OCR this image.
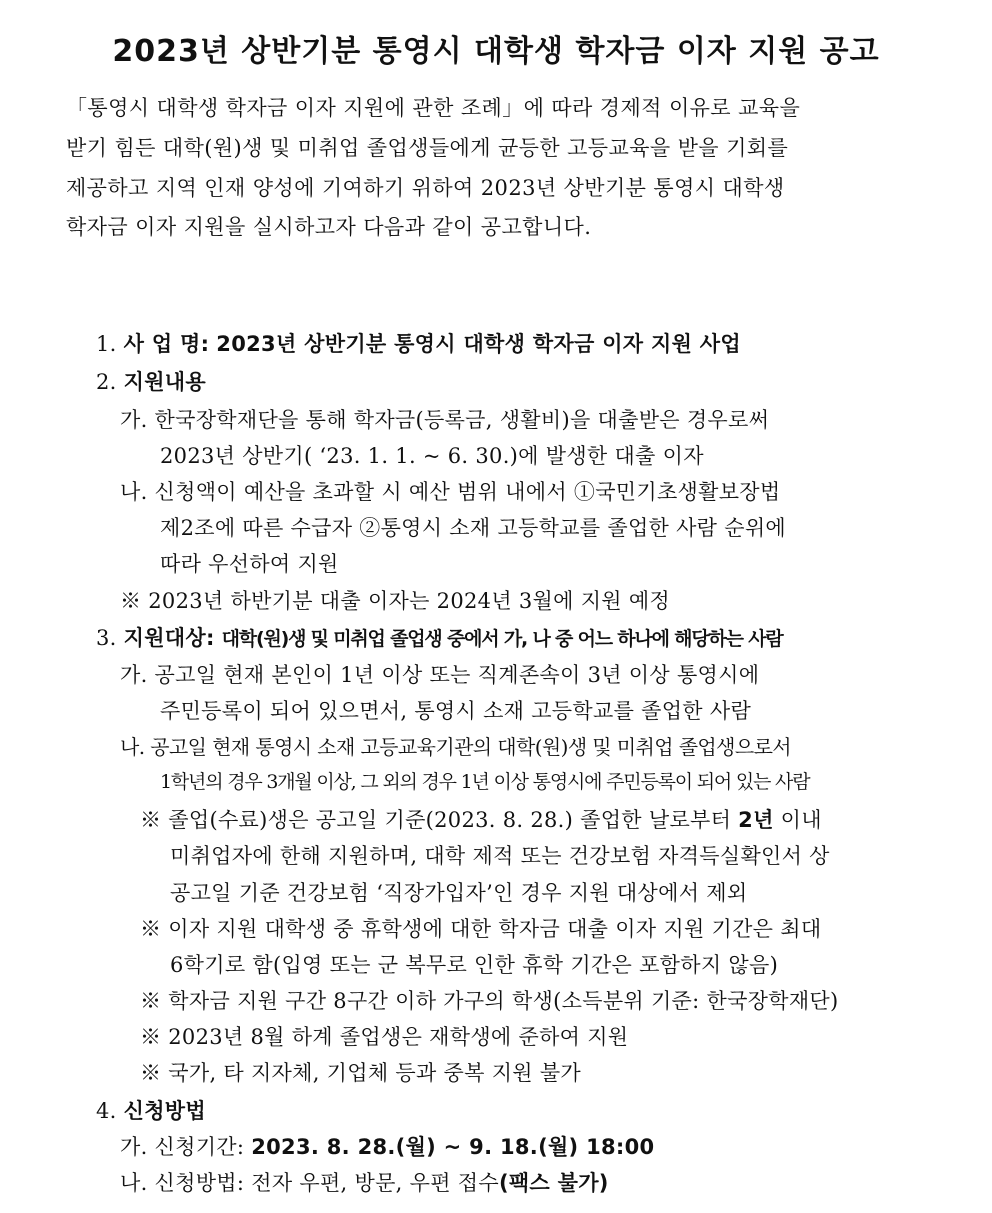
2023년 상반기분 통영시 대학생 학자금 이자 지원 공고
「통영시 대학생 학자금 이자 지원에 관한 조례」에 따라 경제적 이유로 교육을
받기 힘든 대학(원)생 및 미취업 졸업생들에게 균등한 고등교육을 받을 기회를
제공하고 지역 인재 양성에 기여하기 위하여 2023년 상반기분 통영시 대학생
학자금 이자 지원을 실시하고자 다음과 같이 공고합니다.
1. 사 업 명: 2023년 상반기분 통영시 대학생 학자금 이자 지원 사업
2. 지원내용
가. 한국장학재단을 통해 학자금(등록금, 생활비)을 대출받은 경우로써
2023년 상반기( ‘23. 1. 1. ~ 6. 30.)에 발생한 대출 이자
나. 신청액이 예산을 초과할 시 예산 범위 내에서 ①국민기초생활보장법
제2조에 따른 수급자 ②통영시 소재 고등학교를 졸업한 사람 순위에
따라 우선하여 지원
※ 2023년 하반기분 대출 이자는 2024년 3월에 지원 예정
3. 지원대상: 대학(원)생 및 미취업 졸업생 중에서 가, 나 중 어느 하나에 해당하는 사람
가. 공고일 현재 본인이 1년 이상 또는 직계존속이 3년 이상 통영시에
주민등록이 되어 있으면서, 통영시 소재 고등학교를 졸업한 사람
나. 공고일 현재 통영시 소재 고등교육기관의 대학(원)생 및 미취업 졸업생으로서
1학년의 경우 3개월 이상, 그 외의 경우 1년 이상 통영시에 주민등록이 되어 있는 사람
※ 졸업(수료)생은 공고일 기준(2023. 8. 28.) 졸업한 날로부터 2년 이내
미취업자에 한해 지원하며, 대학 제적 또는 건강보험 자격득실확인서 상
공고일 기준 건강보험 ‘직장가입자’인 경우 지원 대상에서 제외
※ 이자 지원 대학생 중 휴학생에 대한 학자금 대출 이자 지원 기간은 최대
6학기로 함(입영 또는 군 복무로 인한 휴학 기간은 포함하지 않음)
※ 학자금 지원 구간 8구간 이하 가구의 학생(소득분위 기준: 한국장학재단)
※ 2023년 8월 하계 졸업생은 재학생에 준하여 지원
※ 국가, 타 지자체, 기업체 등과 중복 지원 불가
4. 신청방법
가. 신청기간: 2023. 8. 28.(월) ~ 9. 18.(월) 18:00
나. 신청방법: 전자 우편, 방문, 우편 접수(팩스 불가)
